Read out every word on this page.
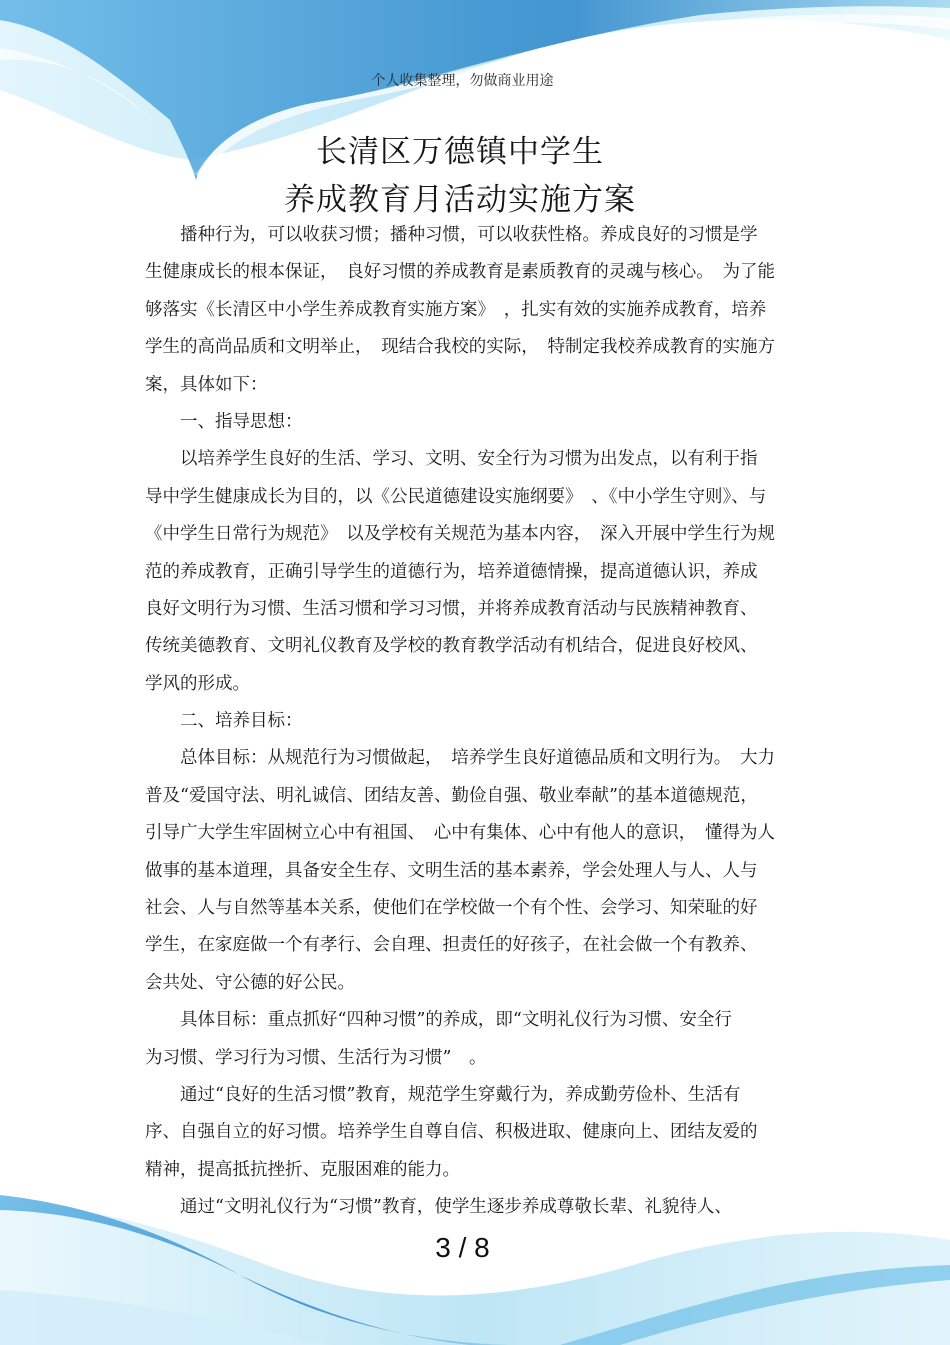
个人收集整理，勿做商业用途
长清区万德镇中学生
养成教育月活动实施方案
　　播种行为，可以收获习惯；播种习惯，可以收获性格。养成良好的习惯是学
生健康成长的根本保证，　良好习惯的养成教育是素质教育的灵魂与核心。　为了能
够落实《长清区中小学生养成教育实施方案》　，扎实有效的实施养成教育，培养
学生的高尚品质和文明举止，　现结合我校的实际，　特制定我校养成教育的实施方
案，具体如下：
　　一、指导思想：
　　以培养学生良好的生活、学习、文明、安全行为习惯为出发点，以有利于指
导中学生健康成长为目的，以《公民道德建设实施纲要》　、《中小学生守则》、与
《中学生日常行为规范》　以及学校有关规范为基本内容，　深入开展中学生行为规
范的养成教育，正确引导学生的道德行为，培养道德情操，提高道德认识，养成
良好文明行为习惯、生活习惯和学习习惯，并将养成教育活动与民族精神教育、
传统美德教育、文明礼仪教育及学校的教育教学活动有机结合，促进良好校风、
学风的形成。
　　二、培养目标：
　　总体目标：从规范行为习惯做起，　培养学生良好道德品质和文明行为。　大力
普及“爱国守法、明礼诚信、团结友善、勤俭自强、敬业奉献”的基本道德规范，
引导广大学生牢固树立心中有祖国、　心中有集体、心中有他人的意识，　懂得为人
做事的基本道理，具备安全生存、文明生活的基本素养，学会处理人与人、人与
社会、人与自然等基本关系，使他们在学校做一个有个性、会学习、知荣耻的好
学生，在家庭做一个有孝行、会自理、担责任的好孩子，在社会做一个有教养、
会共处、守公德的好公民。
　　具体目标：重点抓好“四种习惯”的养成，即“文明礼仪行为习惯、安全行
为习惯、学习行为习惯、生活行为习惯”　。
　　通过“良好的生活习惯”教育，规范学生穿戴行为，养成勤劳俭朴、生活有
序、自强自立的好习惯。培养学生自尊自信、积极进取、健康向上、团结友爱的
精神，提高抵抗挫折、克服困难的能力。
　　通过“文明礼仪行为“习惯”教育，使学生逐步养成尊敬长辈、礼貌待人、
3 / 8
